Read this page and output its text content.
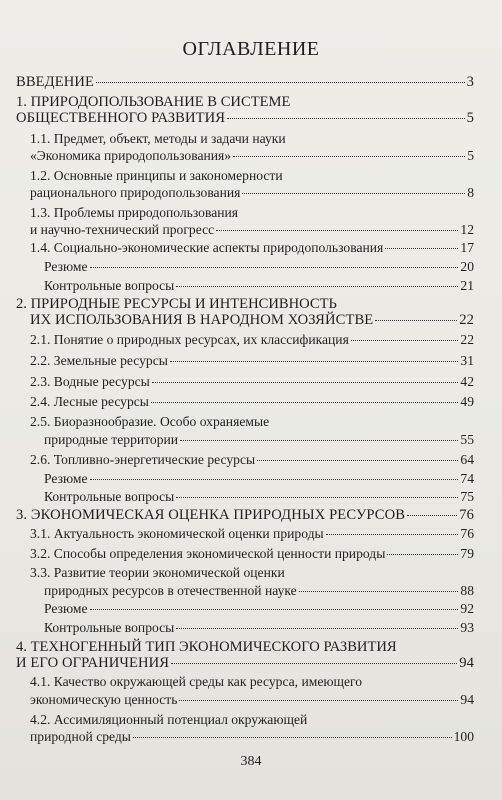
ОГЛАВЛЕНИЕ
ВВЕДЕНИЕ	3
1. ПРИРОДОПОЛЬЗОВАНИЕ В СИСТЕМЕ
ОБЩЕСТВЕННОГО РАЗВИТИЯ	5
1.1. Предмет, объект, методы и задачи науки
«Экономика природопользования»	5
1.2. Основные принципы и закономерности
рационального природопользования	8
1.3. Проблемы природопользования
и научно-технический прогресс	12
1.4. Социально-экономические аспекты природопользования	17
Резюме	20
Контрольные вопросы	21
2. ПРИРОДНЫЕ РЕСУРСЫ И ИНТЕНСИВНОСТЬ
ИХ ИСПОЛЬЗОВАНИЯ В НАРОДНОМ ХОЗЯЙСТВЕ	22
2.1. Понятие о природных ресурсах, их классификация	22
2.2. Земельные ресурсы	31
2.3. Водные ресурсы	42
2.4. Лесные ресурсы	49
2.5. Биоразнообразие. Особо охраняемые
природные территории	55
2.6. Топливно-энергетические ресурсы	64
Резюме	74
Контрольные вопросы	75
3. ЭКОНОМИЧЕСКАЯ ОЦЕНКА ПРИРОДНЫХ РЕСУРСОВ	76
3.1. Актуальность экономической оценки природы	76
3.2. Способы определения экономической ценности природы	79
3.3. Развитие теории экономической оценки
природных ресурсов в отечественной науке	88
Резюме	92
Контрольные вопросы	93
4. ТЕХНОГЕННЫЙ ТИП ЭКОНОМИЧЕСКОГО РАЗВИТИЯ
И ЕГО ОГРАНИЧЕНИЯ	94
4.1. Качество окружающей среды как ресурса, имеющего
экономическую ценность	94
4.2. Ассимиляционный потенциал окружающей
природной среды	100
384
